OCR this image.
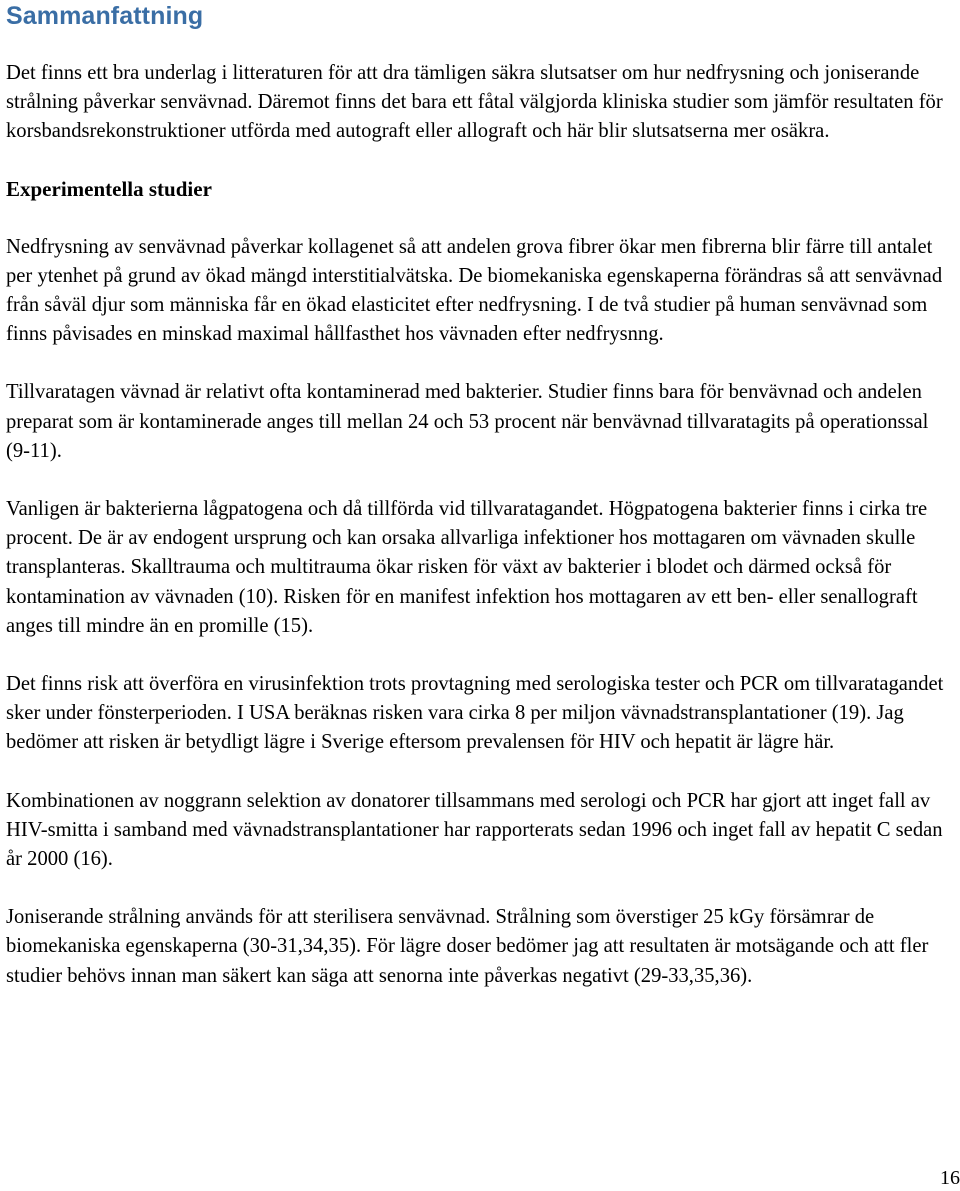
Sammanfattning

Det finns ett bra underlag i litteraturen för att dra tämligen säkra slutsatser om hur nedfrysning och joniserande strålning påverkar senvävnad. Däremot finns det bara ett fåtal välgjorda kliniska studier som jämför resultaten för korsbandsrekonstruktioner utförda med autograft eller allograft och här blir slutsatserna mer osäkra.

Experimentella studier

Nedfrysning av senvävnad påverkar kollagenet så att andelen grova fibrer ökar men fibrerna blir färre till antalet per ytenhet på grund av ökad mängd interstitialvätska. De biomekaniska egenskaperna förändras så att senvävnad från såväl djur som människa får en ökad elasticitet efter nedfrysning. I de två studier på human senvävnad som finns påvisades en minskad maximal hållfasthet hos vävnaden efter nedfrysnng.

Tillvaratagen vävnad är relativt ofta kontaminerad med bakterier. Studier finns bara för benvävnad och andelen preparat som är kontaminerade anges till mellan 24 och 53 procent när benvävnad tillvaratagits på operationssal (9-11).

Vanligen är bakterierna lågpatogena och då tillförda vid tillvaratagandet. Högpatogena bakterier finns i cirka tre procent. De är av endogent ursprung och kan orsaka allvarliga infektioner hos mottagaren om vävnaden skulle transplanteras. Skalltrauma och multitrauma ökar risken för växt av bakterier i blodet och därmed också för kontamination av vävnaden (10). Risken för en manifest infektion hos mottagaren av ett ben- eller senallograft anges till mindre än en promille (15).

Det finns risk att överföra en virusinfektion trots provtagning med serologiska tester och PCR om tillvaratagandet sker under fönsterperioden. I USA beräknas risken vara cirka 8 per miljon vävnadstransplantationer (19). Jag bedömer att risken är betydligt lägre i Sverige eftersom prevalensen för HIV och hepatit är lägre här.

Kombinationen av noggrann selektion av donatorer tillsammans med serologi och PCR har gjort att inget fall av HIV-smitta i samband med vävnadstransplantationer har rapporterats sedan 1996 och inget fall av hepatit C sedan år 2000 (16).

Joniserande strålning används för att sterilisera senvävnad. Strålning som överstiger 25 kGy försämrar de biomekaniska egenskaperna (30-31,34,35). För lägre doser bedömer jag att resultaten är motsägande och att fler studier behövs innan man säkert kan säga att senorna inte påverkas negativt (29-33,35,36).

16
